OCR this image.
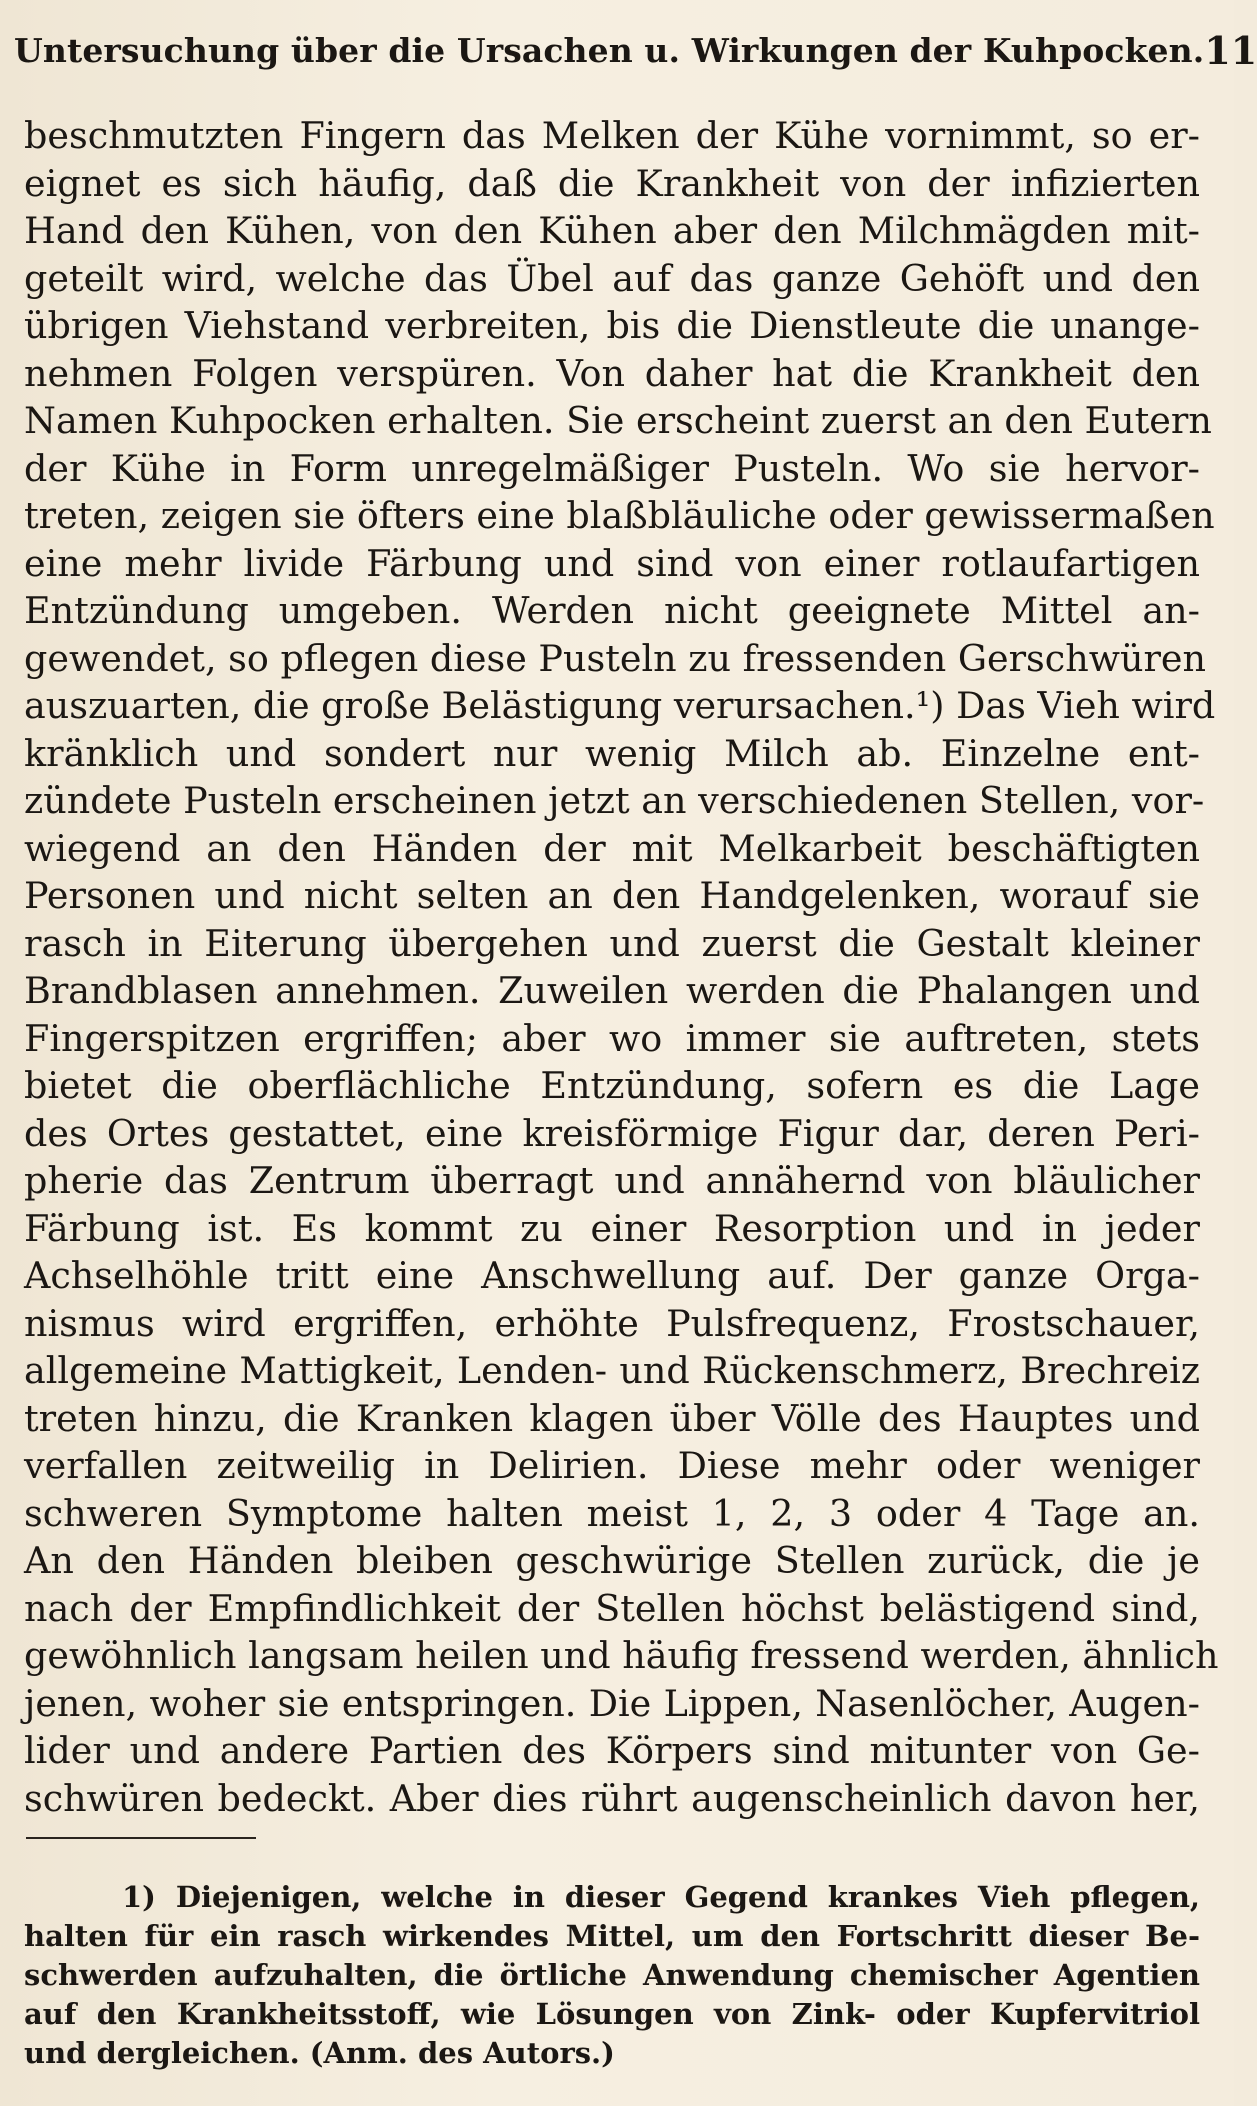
Untersuchung über die Ursachen u. Wirkungen der Kuhpocken. 11
beschmutzten Fingern das Melken der Kühe vornimmt, so er-
eignet es sich häufig, daß die Krankheit von der infizierten
Hand den Kühen, von den Kühen aber den Milchmägden mit-
geteilt wird, welche das Übel auf das ganze Gehöft und den
übrigen Viehstand verbreiten, bis die Dienstleute die unange-
nehmen Folgen verspüren. Von daher hat die Krankheit den
Namen Kuhpocken erhalten. Sie erscheint zuerst an den Eutern
der Kühe in Form unregelmäßiger Pusteln. Wo sie hervor-
treten, zeigen sie öfters eine blaßbläuliche oder gewissermaßen
eine mehr livide Färbung und sind von einer rotlaufartigen
Entzündung umgeben. Werden nicht geeignete Mittel an-
gewendet, so pflegen diese Pusteln zu fressenden Gerschwüren
auszuarten, die große Belästigung verursachen.¹) Das Vieh wird
kränklich und sondert nur wenig Milch ab. Einzelne ent-
zündete Pusteln erscheinen jetzt an verschiedenen Stellen, vor-
wiegend an den Händen der mit Melkarbeit beschäftigten
Personen und nicht selten an den Handgelenken, worauf sie
rasch in Eiterung übergehen und zuerst die Gestalt kleiner
Brandblasen annehmen. Zuweilen werden die Phalangen und
Fingerspitzen ergriffen; aber wo immer sie auftreten, stets
bietet die oberflächliche Entzündung, sofern es die Lage
des Ortes gestattet, eine kreisförmige Figur dar, deren Peri-
pherie das Zentrum überragt und annähernd von bläulicher
Färbung ist. Es kommt zu einer Resorption und in jeder
Achselhöhle tritt eine Anschwellung auf. Der ganze Orga-
nismus wird ergriffen, erhöhte Pulsfrequenz, Frostschauer,
allgemeine Mattigkeit, Lenden- und Rückenschmerz, Brechreiz
treten hinzu, die Kranken klagen über Völle des Hauptes und
verfallen zeitweilig in Delirien. Diese mehr oder weniger
schweren Symptome halten meist 1, 2, 3 oder 4 Tage an.
An den Händen bleiben geschwürige Stellen zurück, die je
nach der Empfindlichkeit der Stellen höchst belästigend sind,
gewöhnlich langsam heilen und häufig fressend werden, ähnlich
jenen, woher sie entspringen. Die Lippen, Nasenlöcher, Augen-
lider und andere Partien des Körpers sind mitunter von Ge-
schwüren bedeckt. Aber dies rührt augenscheinlich davon her,
1) Diejenigen, welche in dieser Gegend krankes Vieh pflegen,
halten für ein rasch wirkendes Mittel, um den Fortschritt dieser Be-
schwerden aufzuhalten, die örtliche Anwendung chemischer Agentien
auf den Krankheitsstoff, wie Lösungen von Zink- oder Kupfervitriol
und dergleichen. (Anm. des Autors.)
